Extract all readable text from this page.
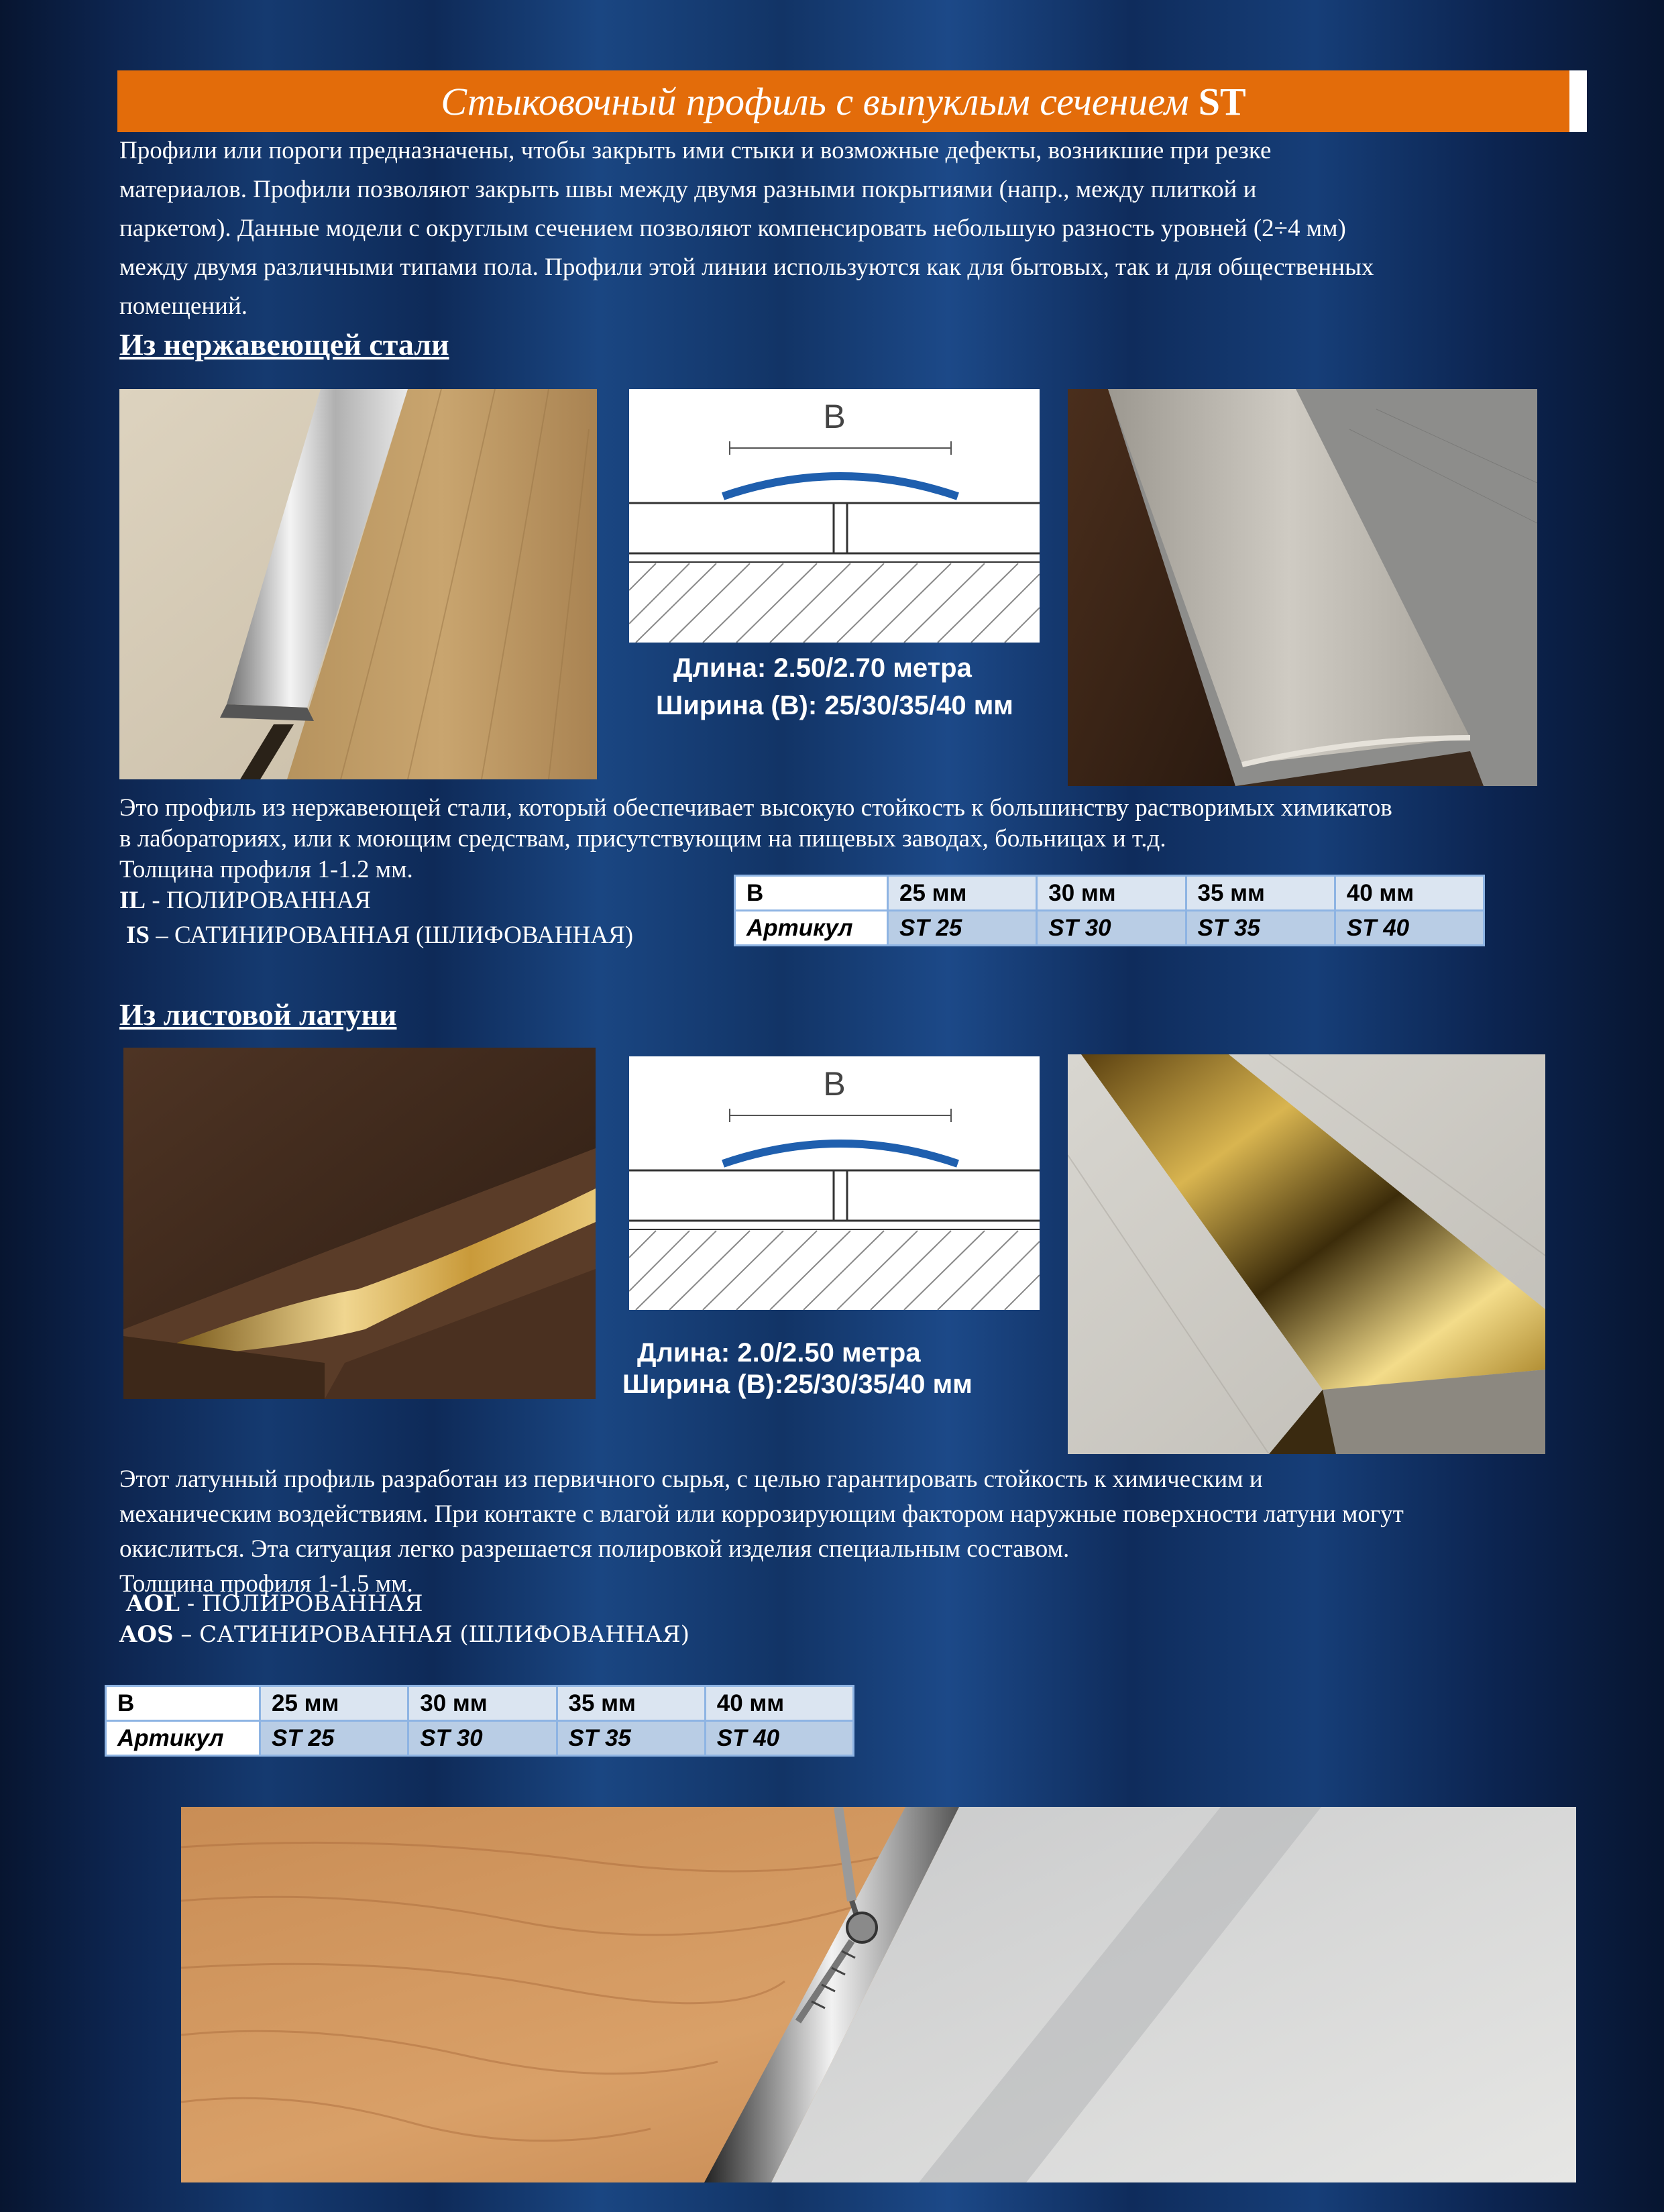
Стыковочный профиль с выпуклым сечением ST
Профили или пороги предназначены, чтобы закрыть ими стыки и возможные дефекты, возникшие при резке
материалов. Профили позволяют закрыть швы между двумя разными покрытиями (напр., между плиткой и
паркетом). Данные модели с округлым сечением позволяют компенсировать небольшую разность уровней (2÷4 мм)
между двумя различными типами пола. Профили этой линии используются как для бытовых, так и для общественных
помещений.
Из нержавеющей стали
B
Длина: 2.50/2.70 метра
Ширина (B): 25/30/35/40 мм
Это профиль из нержавеющей стали, который обеспечивает высокую стойкость к большинству растворимых химикатов
в лабораториях, или к моющим средствам, присутствующим на пищевых заводах, больницах и т.д.
Толщина профиля 1-1.2 мм.
IL - ПОЛИРОВАННАЯ
IS – САТИНИРОВАННАЯ (ШЛИФОВАННАЯ)
B	25 мм	30 мм	35 мм	40 мм
Артикул	ST 25	ST 30	ST 35	ST 40
Из листовой латуни
B
Длина: 2.0/2.50 метра
Ширина (B):25/30/35/40 мм
Этот латунный профиль разработан из первичного сырья, с целью гарантировать стойкость к химическим и
механическим воздействиям. При контакте с влагой или коррозирующим фактором наружные поверхности латуни могут
окислиться. Эта ситуация легко разрешается полировкой изделия специальным составом.
Толщина профиля 1-1.5 мм.
AOL - ПОЛИРОВАННАЯ
AOS – САТИНИРОВАННАЯ (ШЛИФОВАННАЯ)
B	25 мм	30 мм	35 мм	40 мм
Артикул	ST 25	ST 30	ST 35	ST 40
